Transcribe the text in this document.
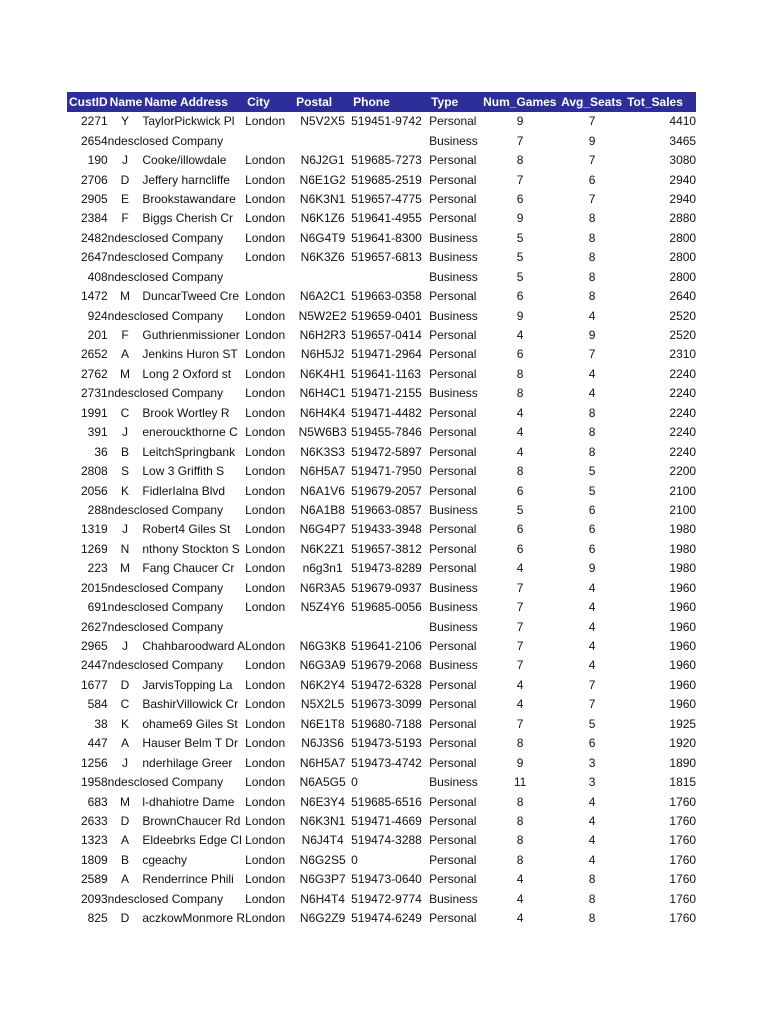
CustID	Name	Name Address	City	Postal	Phone	Type	Num_Games	Avg_Seats	Tot_Sales
2271	Y	TaylorPickwick Pl	London	N5V2X5	519451-9742	Personal	9	7	4410
2654	ndesclosed Company					Business	7	9	3465
190	J	Cooke/illowdale	London	N6J2G1	519685-7273	Personal	8	7	3080
2706	D	Jeffery harncliffe	London	N6E1G2	519685-2519	Personal	7	6	2940
2905	E	Brookstawandare	London	N6K3N1	519657-4775	Personal	6	7	2940
2384	F	Biggs Cherish Cr	London	N6K1Z6	519641-4955	Personal	9	8	2880
2482	ndesclosed Company		London	N6G4T9	519641-8300	Business	5	8	2800
2647	ndesclosed Company		London	N6K3Z6	519657-6813	Business	5	8	2800
408	ndesclosed Company					Business	5	8	2800
1472	M	DuncarTweed Cre	London	N6A2C1	519663-0358	Personal	6	8	2640
924	ndesclosed Company		London	N5W2E2	519659-0401	Business	9	4	2520
201	F	Guthrienmissioner	London	N6H2R3	519657-0414	Personal	4	9	2520
2652	A	Jenkins Huron ST	London	N6H5J2	519471-2964	Personal	6	7	2310
2762	M	Long 2 Oxford st	London	N6K4H1	519641-1163	Personal	8	4	2240
2731	ndesclosed Company		London	N6H4C1	519471-2155	Business	8	4	2240
1991	C	Brook Wortley R	London	N6H4K4	519471-4482	Personal	4	8	2240
391	J	enerouckthorne C	London	N5W6B3	519455-7846	Personal	4	8	2240
36	B	LeitchSpringbank	London	N6K3S3	519472-5897	Personal	4	8	2240
2808	S	Low 3 Griffith S	London	N6H5A7	519471-7950	Personal	8	5	2200
2056	K	FidlerIalna Blvd	London	N6A1V6	519679-2057	Personal	6	5	2100
288	ndesclosed Company		London	N6A1B8	519663-0857	Business	5	6	2100
1319	J	Robert4 Giles St	London	N6G4P7	519433-3948	Personal	6	6	1980
1269	N	nthony Stockton S	London	N6K2Z1	519657-3812	Personal	6	6	1980
223	M	Fang Chaucer Cr	London	n6g3n1	519473-8289	Personal	4	9	1980
2015	ndesclosed Company		London	N6R3A5	519679-0937	Business	7	4	1960
691	ndesclosed Company		London	N5Z4Y6	519685-0056	Business	7	4	1960
2627	ndesclosed Company					Business	7	4	1960
2965	J	Chahbaroodward A	London	N6G3K8	519641-2106	Personal	7	4	1960
2447	ndesclosed Company		London	N6G3A9	519679-2068	Business	7	4	1960
1677	D	JarvisTopping La	London	N6K2Y4	519472-6328	Personal	4	7	1960
584	C	BashirVillowick Cr	London	N5X2L5	519673-3099	Personal	4	7	1960
38	K	ohame69 Giles St	London	N6E1T8	519680-7188	Personal	7	5	1925
447	A	Hauser Belm T Dr	London	N6J3S6	519473-5193	Personal	8	6	1920
1256	J	nderhilage Greer	London	N6H5A7	519473-4742	Personal	9	3	1890
1958	ndesclosed Company		London	N6A5G5	0	Business	11	3	1815
683	M	l-dhahiotre Dame	London	N6E3Y4	519685-6516	Personal	8	4	1760
2633	D	BrownChaucer Rd	London	N6K3N1	519471-4669	Personal	8	4	1760
1323	A	Eldeebrks Edge Cl	London	N6J4T4	519474-3288	Personal	8	4	1760
1809	B	cgeachy	London	N6G2S5	0	Personal	8	4	1760
2589	A	Renderrince Phili	London	N6G3P7	519473-0640	Personal	4	8	1760
2093	ndesclosed Company		London	N6H4T4	519472-9774	Business	4	8	1760
825	D	aczkowMonmore R	London	N6G2Z9	519474-6249	Personal	4	8	1760
